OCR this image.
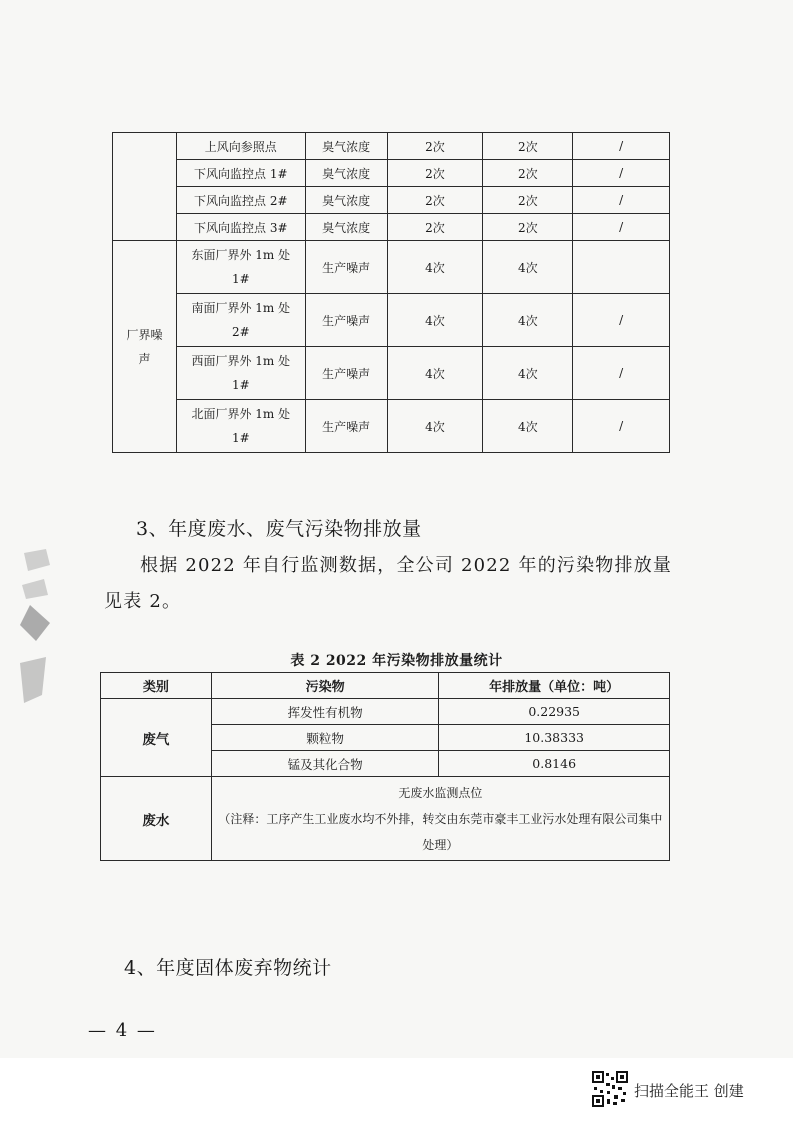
	上风向参照点	臭气浓度	2次	2次	/
	下风向监控点 1#	臭气浓度	2次	2次	/
	下风向监控点 2#	臭气浓度	2次	2次	/
	下风向监控点 3#	臭气浓度	2次	2次	/
厂界噪声	东面厂界外 1m 处 1#	生产噪声	4次	4次	
	南面厂界外 1m 处 2#	生产噪声	4次	4次	/
	西面厂界外 1m 处 1#	生产噪声	4次	4次	/
	北面厂界外 1m 处 1#	生产噪声	4次	4次	/
3、年度废水、废气污染物排放量
根据 2022 年自行监测数据，全公司 2022 年的污染物排放量见表 2。
表 2 2022 年污染物排放量统计
类别	污染物	年排放量（单位：吨）
废气	挥发性有机物	0.22935
	颗粒物	10.38333
	锰及其化合物	0.8146
废水	无废水监测点位
（注释：工序产生工业废水均不外排，转交由东莞市豪丰工业污水处理有限公司集中处理）	
4、年度固体废弃物统计
— 4 —
扫描全能王 创建
